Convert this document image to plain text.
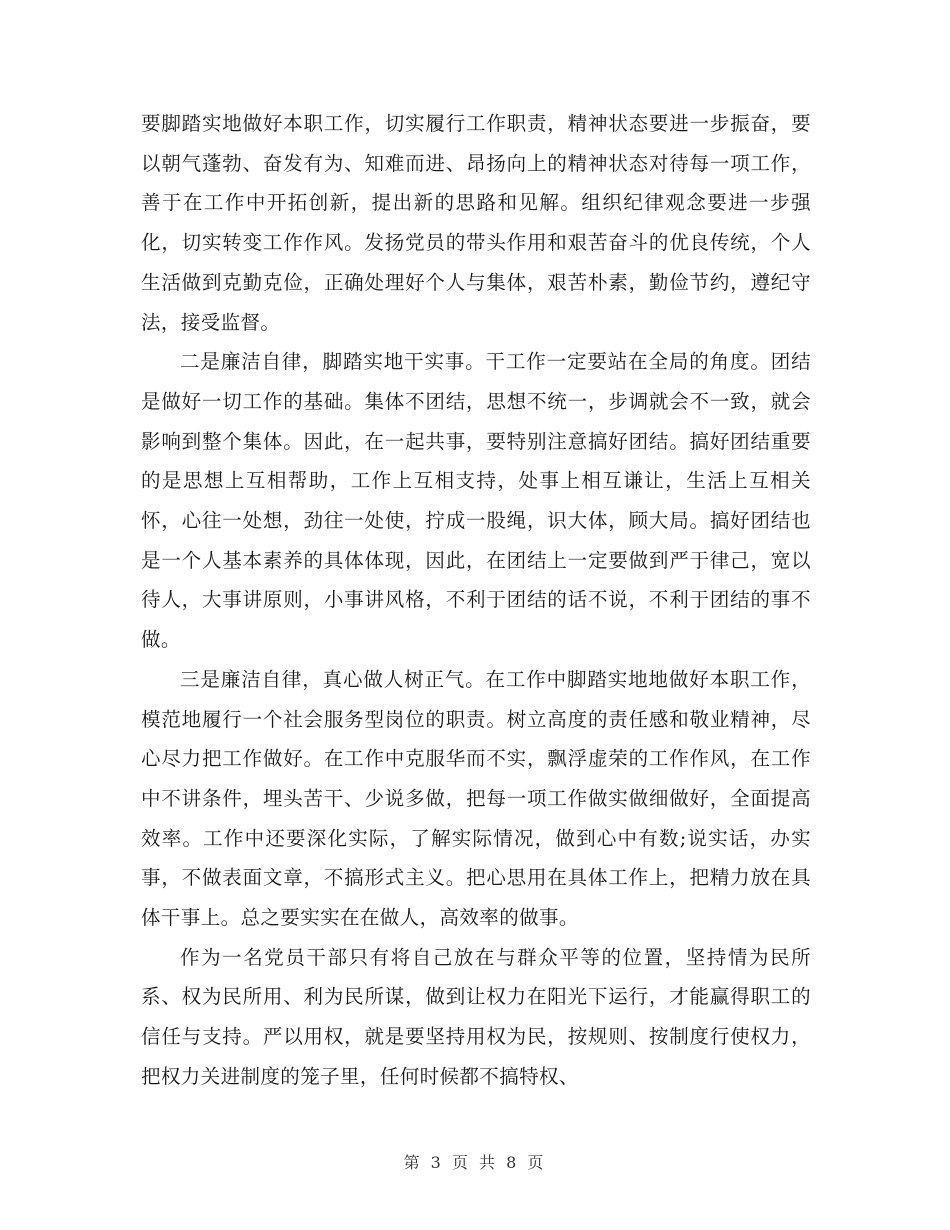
要脚踏实地做好本职工作，切实履行工作职责，精神状态要进一步振奋，要以朝气蓬勃、奋发有为、知难而进、昂扬向上的精神状态对待每一项工作，善于在工作中开拓创新，提出新的思路和见解。组织纪律观念要进一步强化，切实转变工作作风。发扬党员的带头作用和艰苦奋斗的优良传统，个人生活做到克勤克俭，正确处理好个人与集体，艰苦朴素，勤俭节约，遵纪守法，接受监督。

二是廉洁自律，脚踏实地干实事。干工作一定要站在全局的角度。团结是做好一切工作的基础。集体不团结，思想不统一，步调就会不一致，就会影响到整个集体。因此，在一起共事，要特别注意搞好团结。搞好团结重要的是思想上互相帮助，工作上互相支持，处事上相互谦让，生活上互相关怀，心往一处想，劲往一处使，拧成一股绳，识大体，顾大局。搞好团结也是一个人基本素养的具体体现，因此，在团结上一定要做到严于律己，宽以待人，大事讲原则，小事讲风格，不利于团结的话不说，不利于团结的事不做。

三是廉洁自律，真心做人树正气。在工作中脚踏实地地做好本职工作，模范地履行一个社会服务型岗位的职责。树立高度的责任感和敬业精神，尽心尽力把工作做好。在工作中克服华而不实，飘浮虚荣的工作作风，在工作中不讲条件，埋头苦干、少说多做，把每一项工作做实做细做好，全面提高效率。工作中还要深化实际，了解实际情况，做到心中有数;说实话，办实事，不做表面文章，不搞形式主义。把心思用在具体工作上，把精力放在具体干事上。总之要实实在在做人，高效率的做事。

作为一名党员干部只有将自己放在与群众平等的位置，坚持情为民所系、权为民所用、利为民所谋，做到让权力在阳光下运行，才能赢得职工的信任与支持。严以用权，就是要坚持用权为民，按规则、按制度行使权力，把权力关进制度的笼子里，任何时候都不搞特权、

第 3 页 共 8 页
